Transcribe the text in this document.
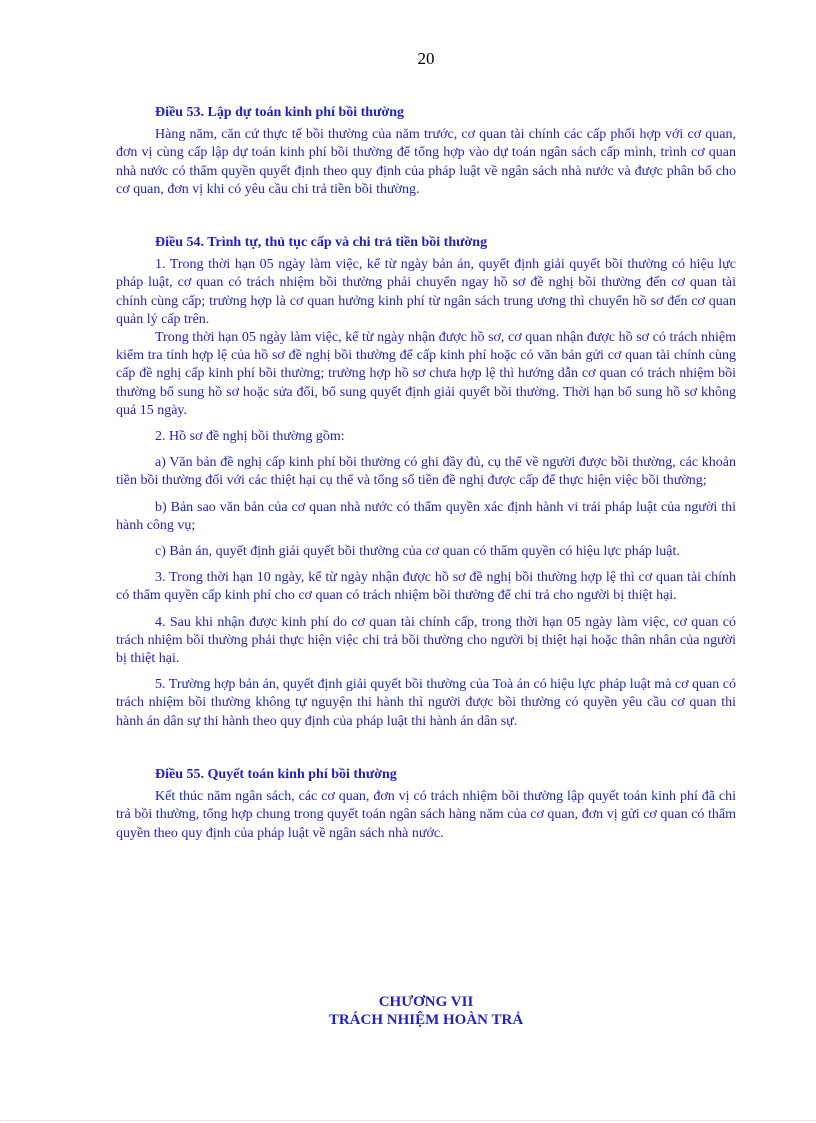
20

Điều 53. Lập dự toán kinh phí bồi thường

Hàng năm, căn cứ thực tế bồi thường của năm trước, cơ quan tài chính các cấp phối hợp với cơ quan, đơn vị cùng cấp lập dự toán kinh phí bồi thường để tổng hợp vào dự toán ngân sách cấp mình, trình cơ quan nhà nước có thẩm quyền quyết định theo quy định của pháp luật về ngân sách nhà nước và được phân bổ cho cơ quan, đơn vị khi có yêu cầu chi trả tiền bồi thường.

Điều 54. Trình tự, thủ tục cấp và chi trả tiền bồi thường

1. Trong thời hạn 05 ngày làm việc, kể từ ngày bản án, quyết định giải quyết bồi thường có hiệu lực pháp luật, cơ quan có trách nhiệm bồi thường phải chuyển ngay hồ sơ đề nghị bồi thường đến cơ quan tài chính cùng cấp; trường hợp là cơ quan hưởng kinh phí từ ngân sách trung ương thì chuyển hồ sơ đến cơ quan quản lý cấp trên.

Trong thời hạn 05 ngày làm việc, kể từ ngày nhận được hồ sơ, cơ quan nhận được hồ sơ có trách nhiệm kiểm tra tính hợp lệ của hồ sơ đề nghị bồi thường để cấp kinh phí hoặc có văn bản gửi cơ quan tài chính cùng cấp đề nghị cấp kinh phí bồi thường; trường hợp hồ sơ chưa hợp lệ thì hướng dẫn cơ quan có trách nhiệm bồi thường bổ sung hồ sơ hoặc sửa đổi, bổ sung quyết định giải quyết bồi thường. Thời hạn bổ sung hồ sơ không quá 15 ngày.

2. Hồ sơ đề nghị bồi thường gồm:

a) Văn bản đề nghị cấp kinh phí bồi thường có ghi đầy đủ, cụ thể về người được bồi thường, các khoản tiền bồi thường đối với các thiệt hại cụ thể và tổng số tiền đề nghị được cấp để thực hiện việc bồi thường;

b) Bản sao văn bản của cơ quan nhà nước có thẩm quyền xác định hành vi trái pháp luật của người thi hành công vụ;

c) Bản án, quyết định giải quyết bồi thường của cơ quan có thẩm quyền có hiệu lực pháp luật.

3. Trong thời hạn 10 ngày, kể từ ngày nhận được hồ sơ đề nghị bồi thường hợp lệ thì cơ quan tài chính có thẩm quyền cấp kinh phí cho cơ quan có trách nhiệm bồi thường để chi trả cho người bị thiệt hại.

4. Sau khi nhận được kinh phí do cơ quan tài chính cấp, trong thời hạn 05 ngày làm việc, cơ quan có trách nhiệm bồi thường phải thực hiện việc chi trả bồi thường cho người bị thiệt hại hoặc thân nhân của người bị thiệt hại.

5. Trường hợp bản án, quyết định giải quyết bồi thường của Toà án có hiệu lực pháp luật mà cơ quan có trách nhiệm bồi thường không tự nguyện thi hành thì người được bồi thường có quyền yêu cầu cơ quan thi hành án dân sự thi hành theo quy định của pháp luật thi hành án dân sự.

Điều 55. Quyết toán kinh phí bồi thường

Kết thúc năm ngân sách, các cơ quan, đơn vị có trách nhiệm bồi thường lập quyết toán kinh phí đã chi trả bồi thường, tổng hợp chung trong quyết toán ngân sách hàng năm của cơ quan, đơn vị gửi cơ quan có thẩm quyền theo quy định của pháp luật về ngân sách nhà nước.

CHƯƠNG VII
TRÁCH NHIỆM HOÀN TRẢ
